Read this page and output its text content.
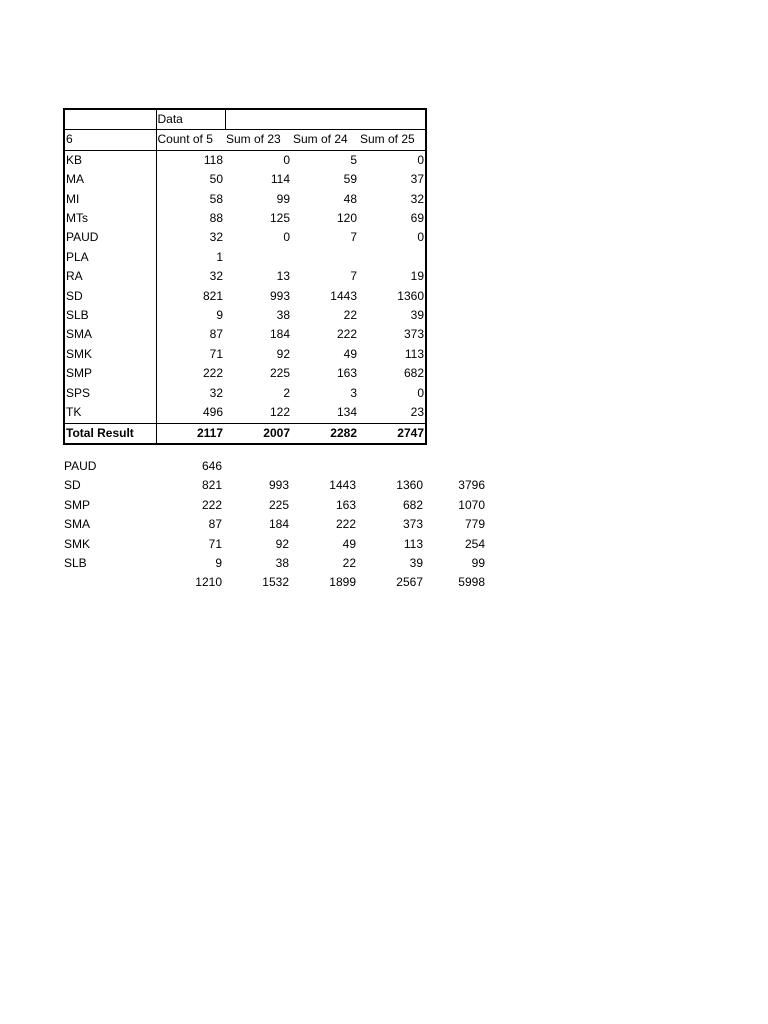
	Data			
6	Count of 5	Sum of 23	Sum of 24	Sum of 25
KB	118	0	5	0
MA	50	114	59	37
MI	58	99	48	32
MTs	88	125	120	69
PAUD	32	0	7	0
PLA	1			
RA	32	13	7	19
SD	821	993	1443	1360
SLB	9	38	22	39
SMA	87	184	222	373
SMK	71	92	49	113
SMP	222	225	163	682
SPS	32	2	3	0
TK	496	122	134	23
Total Result	2117	2007	2282	2747
PAUD	646				
SD	821	993	1443	1360	3796
SMP	222	225	163	682	1070
SMA	87	184	222	373	779
SMK	71	92	49	113	254
SLB	9	38	22	39	99
	1210	1532	1899	2567	5998
